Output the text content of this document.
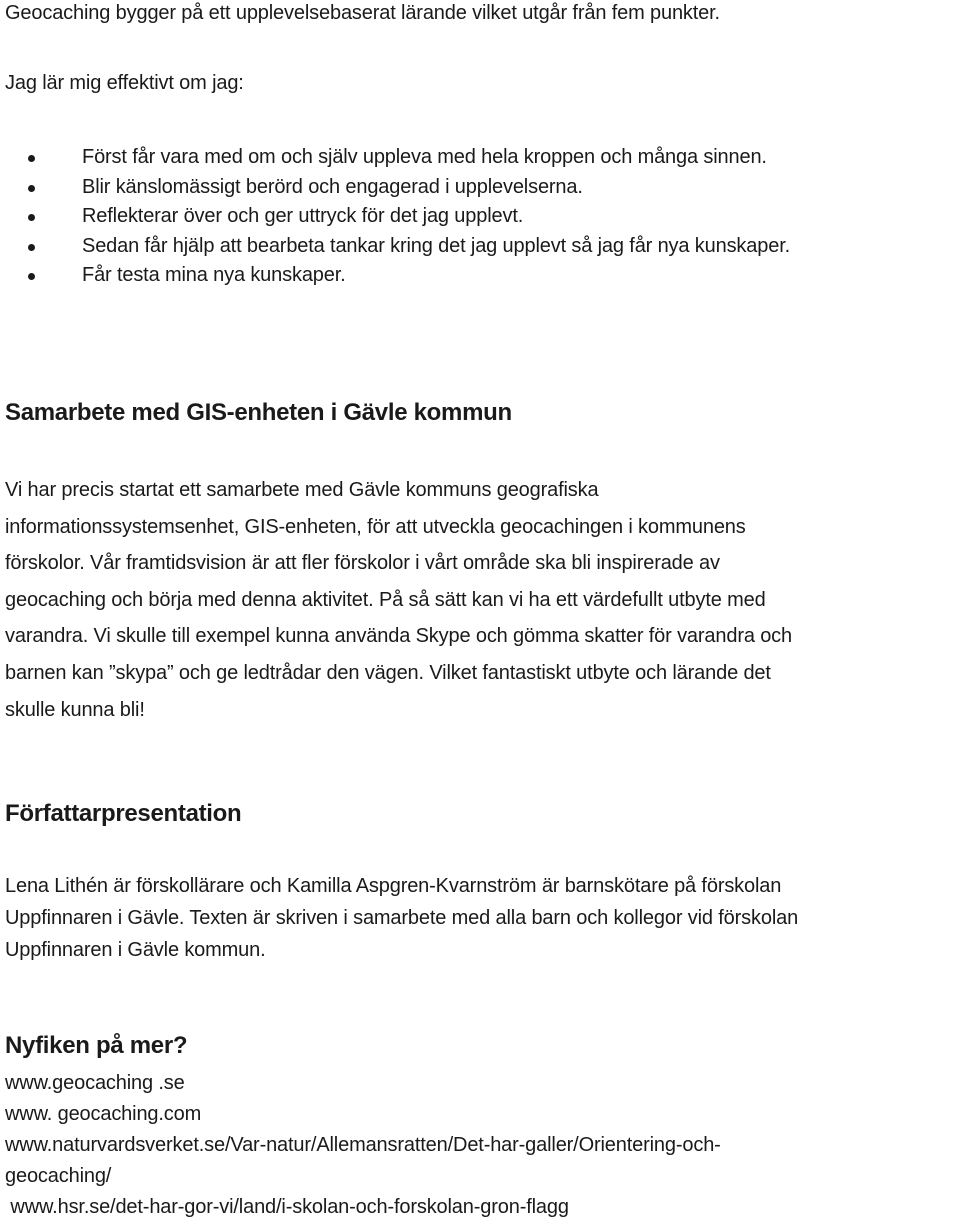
Geocaching bygger på ett upplevelsebaserat lärande vilket utgår från fem punkter.

Jag lär mig effektivt om jag:

Först får vara med om och själv uppleva med hela kroppen och många sinnen.
Blir känslomässigt berörd och engagerad i upplevelserna.
Reflekterar över och ger uttryck för det jag upplevt.
Sedan får hjälp att bearbeta tankar kring det jag upplevt så jag får nya kunskaper.
Får testa mina nya kunskaper.
Samarbete med GIS-enheten i Gävle kommun
Vi har precis startat ett samarbete med Gävle kommuns geografiska
informationssystemsenhet, GIS-enheten, för att utveckla geocachingen i kommunens
förskolor. Vår framtidsvision är att fler förskolor i vårt område ska bli inspirerade av
geocaching och börja med denna aktivitet. På så sätt kan vi ha ett värdefullt utbyte med
varandra. Vi skulle till exempel kunna använda Skype och gömma skatter för varandra och
barnen kan ”skypa” och ge ledtrådar den vägen. Vilket fantastiskt utbyte och lärande det
skulle kunna bli!
Författarpresentation
Lena Lithén är förskollärare och Kamilla Aspgren-Kvarnström är barnskötare på förskolan
Uppfinnaren i Gävle. Texten är skriven i samarbete med alla barn och kollegor vid förskolan
Uppfinnaren i Gävle kommun.
Nyfiken på mer?
www.geocaching .se
www. geocaching.com
www.naturvardsverket.se/Var-natur/Allemansratten/Det-har-galler/Orientering-och-
geocaching/
www.hsr.se/det-har-gor-vi/land/i-skolan-och-forskolan-gron-flagg
